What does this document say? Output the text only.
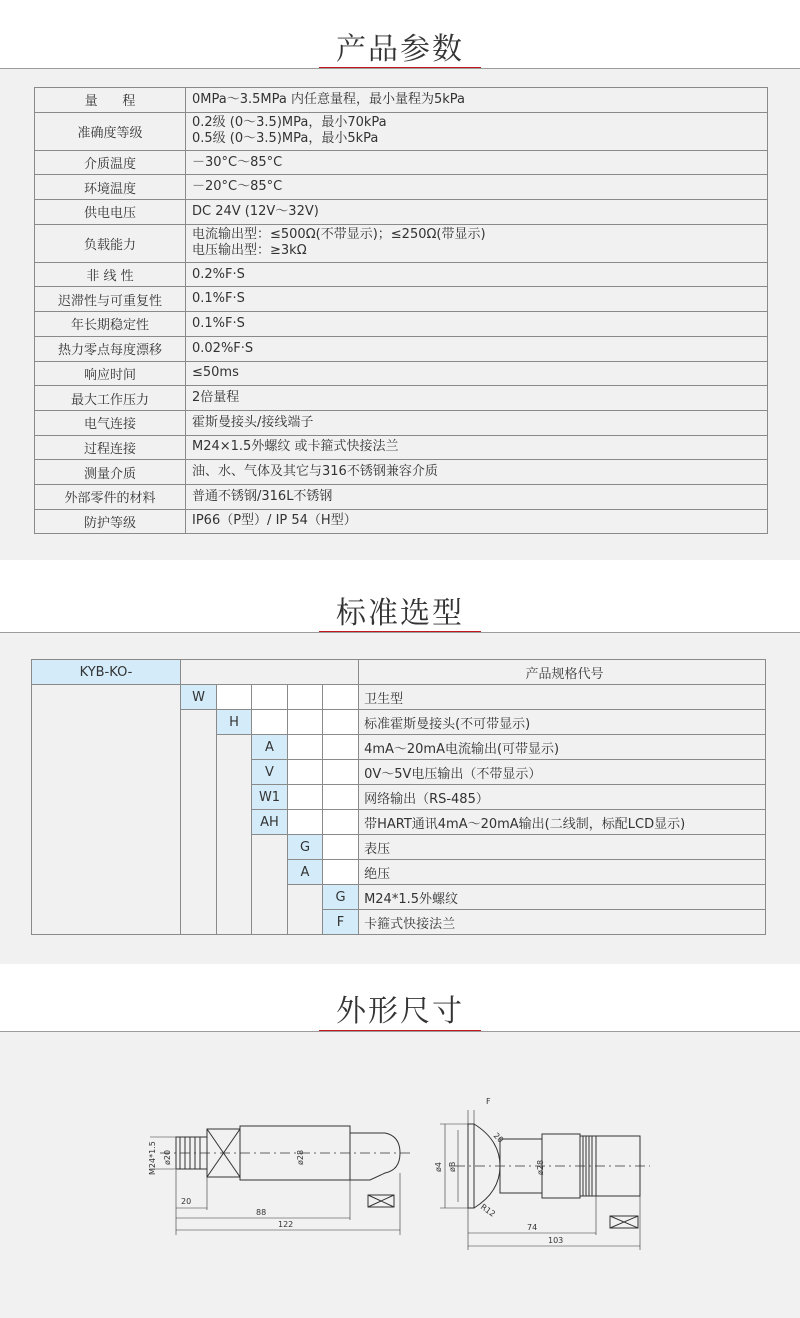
产品参数
量      程	0MPa～3.5MPa 内任意量程，最小量程为5kPa

准确度等级	0.2级 (0～3.5)MPa，最小70kPa
0.5级 (0～3.5)MPa，最小5kPa

介质温度	－30°C～85°C

环境温度	－20°C～85°C

供电电压	DC 24V (12V～32V)

负载能力	电流输出型：≤500Ω(不带显示)；≤250Ω(带显示)
电压输出型：≥3kΩ

非 线 性	0.2%F·S

迟滞性与可重复性	0.1%F·S

年长期稳定性	0.1%F·S

热力零点每度漂移	0.02%F·S

响应时间	≤50ms

最大工作压力	2倍量程

电气连接	霍斯曼接头/接线端子

过程连接	M24×1.5外螺纹 或卡箍式快接法兰

测量介质	油、水、气体及其它与316不锈钢兼容介质

外部零件的材料	普通不锈钢/316L不锈钢

防护等级	IP66（P型）/ IP 54（H型）
标准选型
KYB-KO-						产品规格代号
	W					卫生型
		H				标准霍斯曼接头(不可带显示)
			A			4mA～20mA电流输出(可带显示)
			V			0V～5V电压输出（不带显示）
			W1			网络输出（RS-485）
			AH			带HART通讯4mA～20mA输出(二线制，标配LCD显示)
				G		表压
				A		绝压
					G	M24*1.5外螺纹
					F	卡箍式快接法兰
外形尺寸
20
88
122
M24*1.5 ø20	ø28
F
ø4 øB	ø28
20
R12
74
103
